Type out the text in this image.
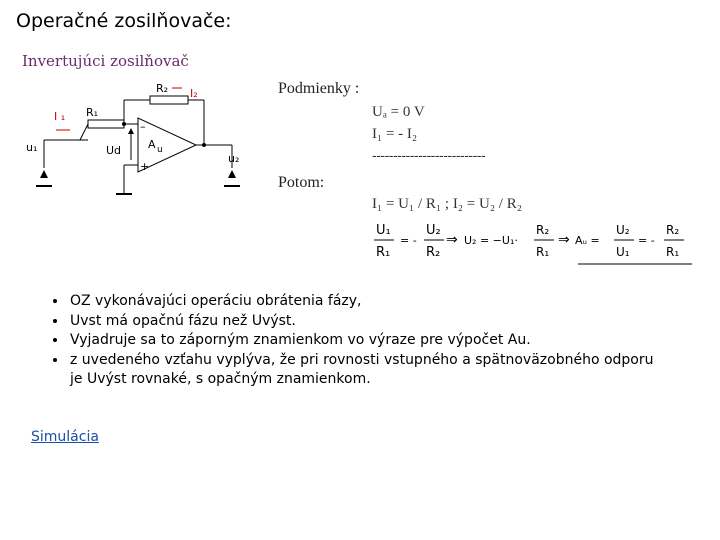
Operačné zosilňovače:
Invertujúci zosilňovač
R₂ I₂
I ₁ R₁
u₁	Ud A u
u₂
–
+
Podmienky :
Uₐ = 0 V
I₁ = - I₂
---------------------------
Potom:
I₁ = U₁ / R₁ ; I₂ = U₂ / R₂
U₁
R₁
= -
U₂
R₂
⇒ U₂ = −U₁·
R₂
R₁
⇒ Aᵤ =
U₂
U₁
= -
R₂
R₁
• OZ vykonávajúci operáciu obrátenia fázy,
• Uvst má opačnú fázu než Uvýst.
• Vyjadruje sa to záporným znamienkom vo výraze pre výpočet Au.
• z uvedeného vzťahu vyplýva, že pri rovnosti vstupného a spätnoväzobného odporu je Uvýst rovnaké, s opačným znamienkom.
Simulácia
